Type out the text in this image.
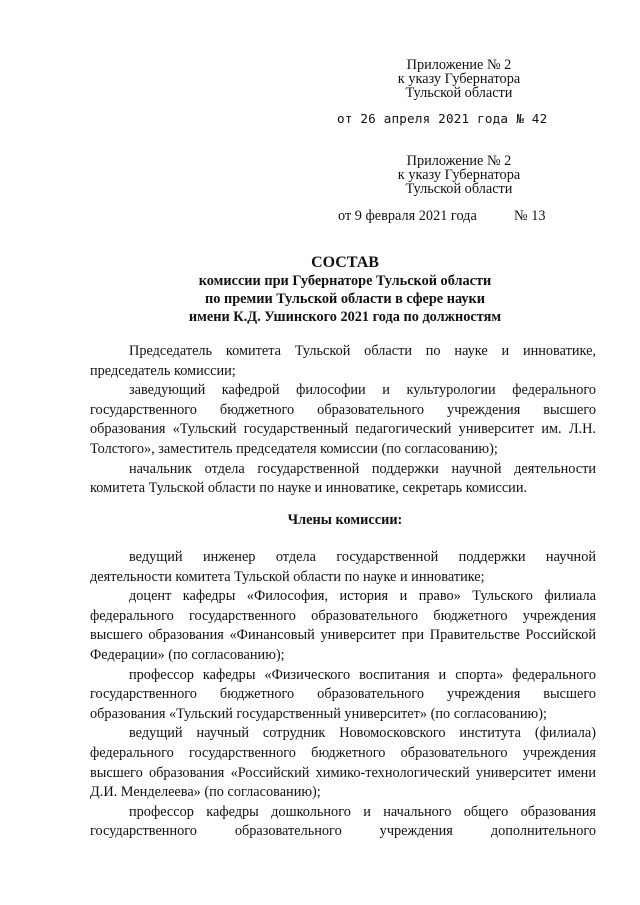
Приложение № 2
к указу Губернатора
Тульской области
от 26 апреля 2021 года № 42
Приложение № 2
к указу Губернатора
Тульской области
от 9 февраля 2021 года	№ 13
СОСТАВ
комиссии при Губернаторе Тульской области
по премии Тульской области в сфере науки
имени К.Д. Ушинского 2021 года по должностям

Председатель комитета Тульской области по науке и инноватике, председатель комиссии;

заведующий кафедрой философии и культурологии федерального государственного бюджетного образовательного учреждения высшего образования «Тульский государственный педагогический университет им. Л.Н. Толстого», заместитель председателя комиссии (по согласованию);

начальник отдела государственной поддержки научной деятельности комитета Тульской области по науке и инноватике, секретарь комиссии.

Члены комиссии:

ведущий инженер отдела государственной поддержки научной деятельности комитета Тульской области по науке и инноватике;

доцент кафедры «Философия, история и право» Тульского филиала федерального государственного образовательного бюджетного учреждения высшего образования «Финансовый университет при Правительстве Российской Федерации» (по согласованию);

профессор кафедры «Физического воспитания и спорта» федерального государственного бюджетного образовательного учреждения высшего образования «Тульский государственный университет» (по согласованию);

ведущий научный сотрудник Новомосковского института (филиала) федерального государственного бюджетного образовательного учреждения высшего образования «Российский химико-технологический университет имени Д.И. Менделеева» (по согласованию);

профессор кафедры дошкольного и начального общего образования государственного образовательного учреждения дополнительного
